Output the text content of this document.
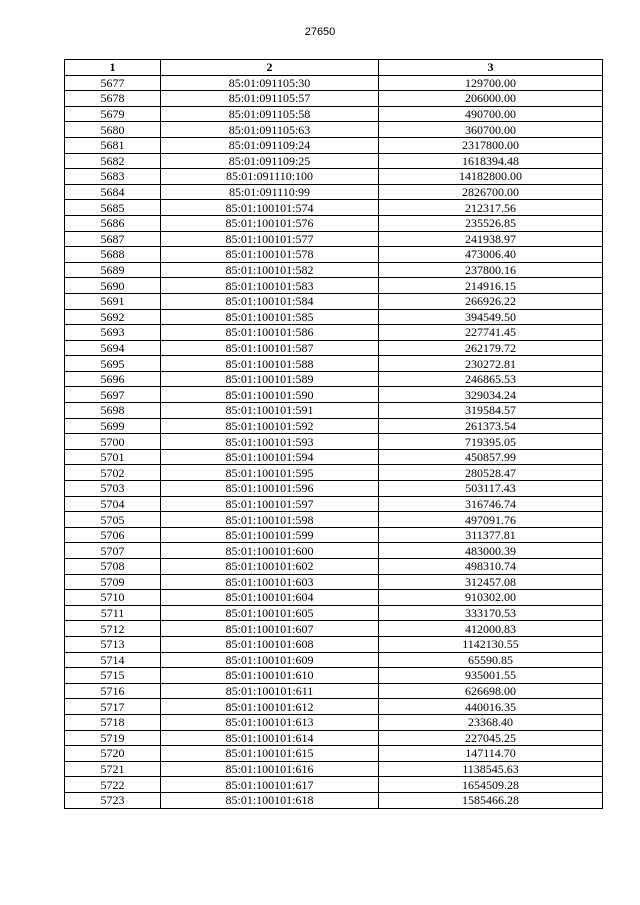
27650
1	2	3
5677	85:01:091105:30	129700.00
5678	85:01:091105:57	206000.00
5679	85:01:091105:58	490700.00
5680	85:01:091105:63	360700.00
5681	85:01:091109:24	2317800.00
5682	85:01:091109:25	1618394.48
5683	85:01:091110:100	14182800.00
5684	85:01:091110:99	2826700.00
5685	85:01:100101:574	212317.56
5686	85:01:100101:576	235526.85
5687	85:01:100101:577	241938.97
5688	85:01:100101:578	473006.40
5689	85:01:100101:582	237800.16
5690	85:01:100101:583	214916.15
5691	85:01:100101:584	266926.22
5692	85:01:100101:585	394549.50
5693	85:01:100101:586	227741.45
5694	85:01:100101:587	262179.72
5695	85:01:100101:588	230272.81
5696	85:01:100101:589	246865.53
5697	85:01:100101:590	329034.24
5698	85:01:100101:591	319584.57
5699	85:01:100101:592	261373.54
5700	85:01:100101:593	719395.05
5701	85:01:100101:594	450857.99
5702	85:01:100101:595	280528.47
5703	85:01:100101:596	503117.43
5704	85:01:100101:597	316746.74
5705	85:01:100101:598	497091.76
5706	85:01:100101:599	311377.81
5707	85:01:100101:600	483000.39
5708	85:01:100101:602	498310.74
5709	85:01:100101:603	312457.08
5710	85:01:100101:604	910302.00
5711	85:01:100101:605	333170.53
5712	85:01:100101:607	412000.83
5713	85:01:100101:608	1142130.55
5714	85:01:100101:609	65590.85
5715	85:01:100101:610	935001.55
5716	85:01:100101:611	626698.00
5717	85:01:100101:612	440016.35
5718	85:01:100101:613	23368.40
5719	85:01:100101:614	227045.25
5720	85:01:100101:615	147114.70
5721	85:01:100101:616	1138545.63
5722	85:01:100101:617	1654509.28
5723	85:01:100101:618	1585466.28
